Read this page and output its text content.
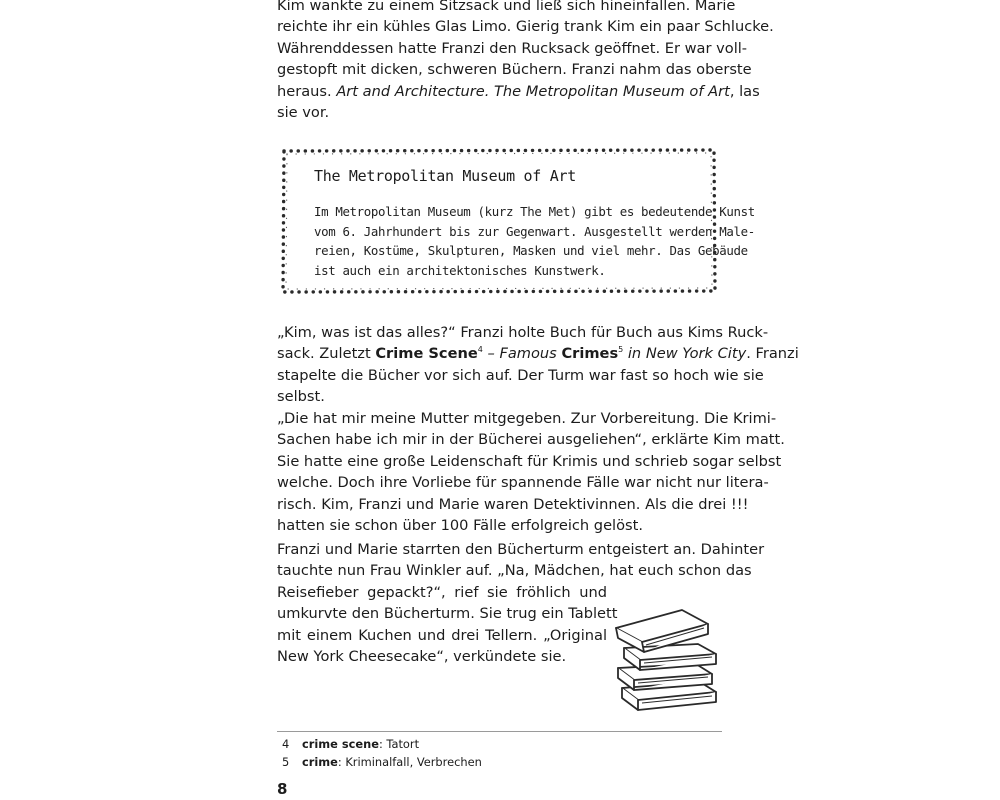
Kim wankte zu einem Sitzsack und ließ sich hineinfallen. Marie
reichte ihr ein kühles Glas Limo. Gierig trank Kim ein paar Schlucke.
Währenddessen hatte Franzi den Rucksack geöffnet. Er war voll-
gestopft mit dicken, schweren Büchern. Franzi nahm das oberste
heraus. Art and Architecture. The Metropolitan Museum of Art, las
sie vor.

The Metropolitan Museum of Art
Im Metropolitan Museum (kurz The Met) gibt es bedeutende Kunst
vom 6. Jahrhundert bis zur Gegenwart. Ausgestellt werden Male-
reien, Kostüme, Skulpturen, Masken und viel mehr. Das Gebäude
ist auch ein architektonisches Kunstwerk.

„Kim, was ist das alles?“ Franzi holte Buch für Buch aus Kims Ruck-
sack. Zuletzt Crime Scene$^4$ – Famous Crimes$^5$ in New York City. Franzi
stapelte die Bücher vor sich auf. Der Turm war fast so hoch wie sie
selbst.

„Die hat mir meine Mutter mitgegeben. Zur Vorbereitung. Die Krimi-
Sachen habe ich mir in der Bücherei ausgeliehen“, erklärte Kim matt.
Sie hatte eine große Leidenschaft für Krimis und schrieb sogar selbst
welche. Doch ihre Vorliebe für spannende Fälle war nicht nur litera-
risch. Kim, Franzi und Marie waren Detektivinnen. Als die drei !!!
hatten sie schon über 100 Fälle erfolgreich gelöst.

Franzi und Marie starrten den Bücherturm entgeistert an. Dahinter
tauchte nun Frau Winkler auf. „Na, Mädchen, hat euch schon das
Reisefieber gepackt?“, rief sie fröhlich und
umkurvte den Bücherturm. Sie trug ein Tablett
mit einem Kuchen und drei Tellern. „Original
New York Cheesecake“, verkündete sie.

4 crime scene: Tatort
5 crime: Kriminalfall, Verbrechen
8
